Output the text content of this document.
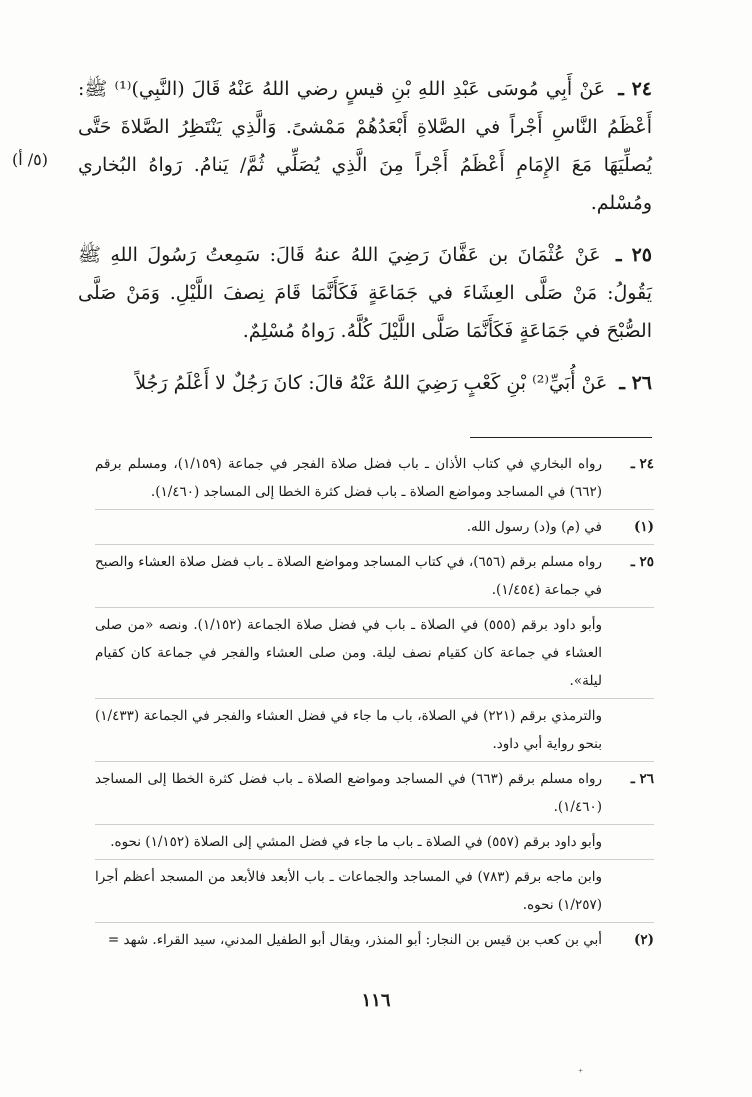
٢٤ ـ عَنْ أَبِي مُوسَى عَبْدِ اللهِ بْنِ قيسٍ رضي اللهُ عَنْهُ قَالَ (النَّبِي)⁽¹⁾ ﷺ: أَعْظَمُ النَّاسِ أَجْراً في الصَّلاةِ أَبْعَدُهُمْ مَمْشىً. وَالَّذِي يَنْتَظِرُ الصَّلاةَ حَتَّى يُصلِّيَهَا مَعَ الإِمَامِ أَعْظَمُ أَجْراً مِنَ الَّذِي يُصَلِّي ثُمَّ/ يَنامُ. رَواهُ البُخاري ومُسْلم.

٢٥ ـ عَنْ عُثْمَانَ بن عَفَّانَ رَضِيَ اللهُ عنهُ قَالَ: سَمِعتُ رَسُولَ اللهِ ﷺ يَقُولُ: مَنْ صَلَّى العِشَاءَ في جَمَاعَةٍ فَكَأَنَّمَا قَامَ نِصفَ اللَّيْلِ. وَمَنْ صَلَّى الصُّبْحَ في جَمَاعَةٍ فَكَأَنَّمَا صَلَّى اللَّيْلَ كُلَّهُ. رَواهُ مُسْلِمٌ.

٢٦ ـ عَنْ أُبَيِّ⁽²⁾ بْنِ كَعْبٍ رَضِيَ اللهُ عَنْهُ قالَ: كانَ رَجُلٌ لا أَعْلَمُ رَجُلاً

(٥/ أ)
٢٤ ـ
رواه البخاري في كتاب الأذان ـ باب فضل صلاة الفجر في جماعة (١/١٥٩)، ومسلم برقم (٦٦٢) في المساجد ومواضع الصلاة ـ باب فضل كثرة الخطا إلى المساجد (١/٤٦٠).
(١)
في (م) و(د) رسول الله.
٢٥ ـ
رواه مسلم برقم (٦٥٦)، في كتاب المساجد ومواضع الصلاة ـ باب فضل صلاة العشاء والصبح في جماعة (١/٤٥٤).
وأبو داود برقم (٥٥٥) في الصلاة ـ باب في فضل صلاة الجماعة (١/١٥٢). ونصه «من صلى العشاء في جماعة كان كقيام نصف ليلة. ومن صلى العشاء والفجر في جماعة كان كقيام ليلة».
والترمذي برقم (٢٢١) في الصلاة، باب ما جاء في فضل العشاء والفجر في الجماعة (١/٤٣٣) بنحو رواية أبي داود.
٢٦ ـ
رواه مسلم برقم (٦٦٣) في المساجد ومواضع الصلاة ـ باب فضل كثرة الخطا إلى المساجد (١/٤٦٠).
وأبو داود برقم (٥٥٧) في الصلاة ـ باب ما جاء في فضل المشي إلى الصلاة (١/١٥٢) نحوه.
وابن ماجه برقم (٧٨٣) في المساجد والجماعات ـ باب الأبعد فالأبعد من المسجد أعظم أجرا (١/٢٥٧) نحوه.
(٢)
أبي بن كعب بن قيس بن النجار: أبو المنذر، ويقال أبو الطفيل المدني، سيد القراء. شهد =
١١٦
⁺
